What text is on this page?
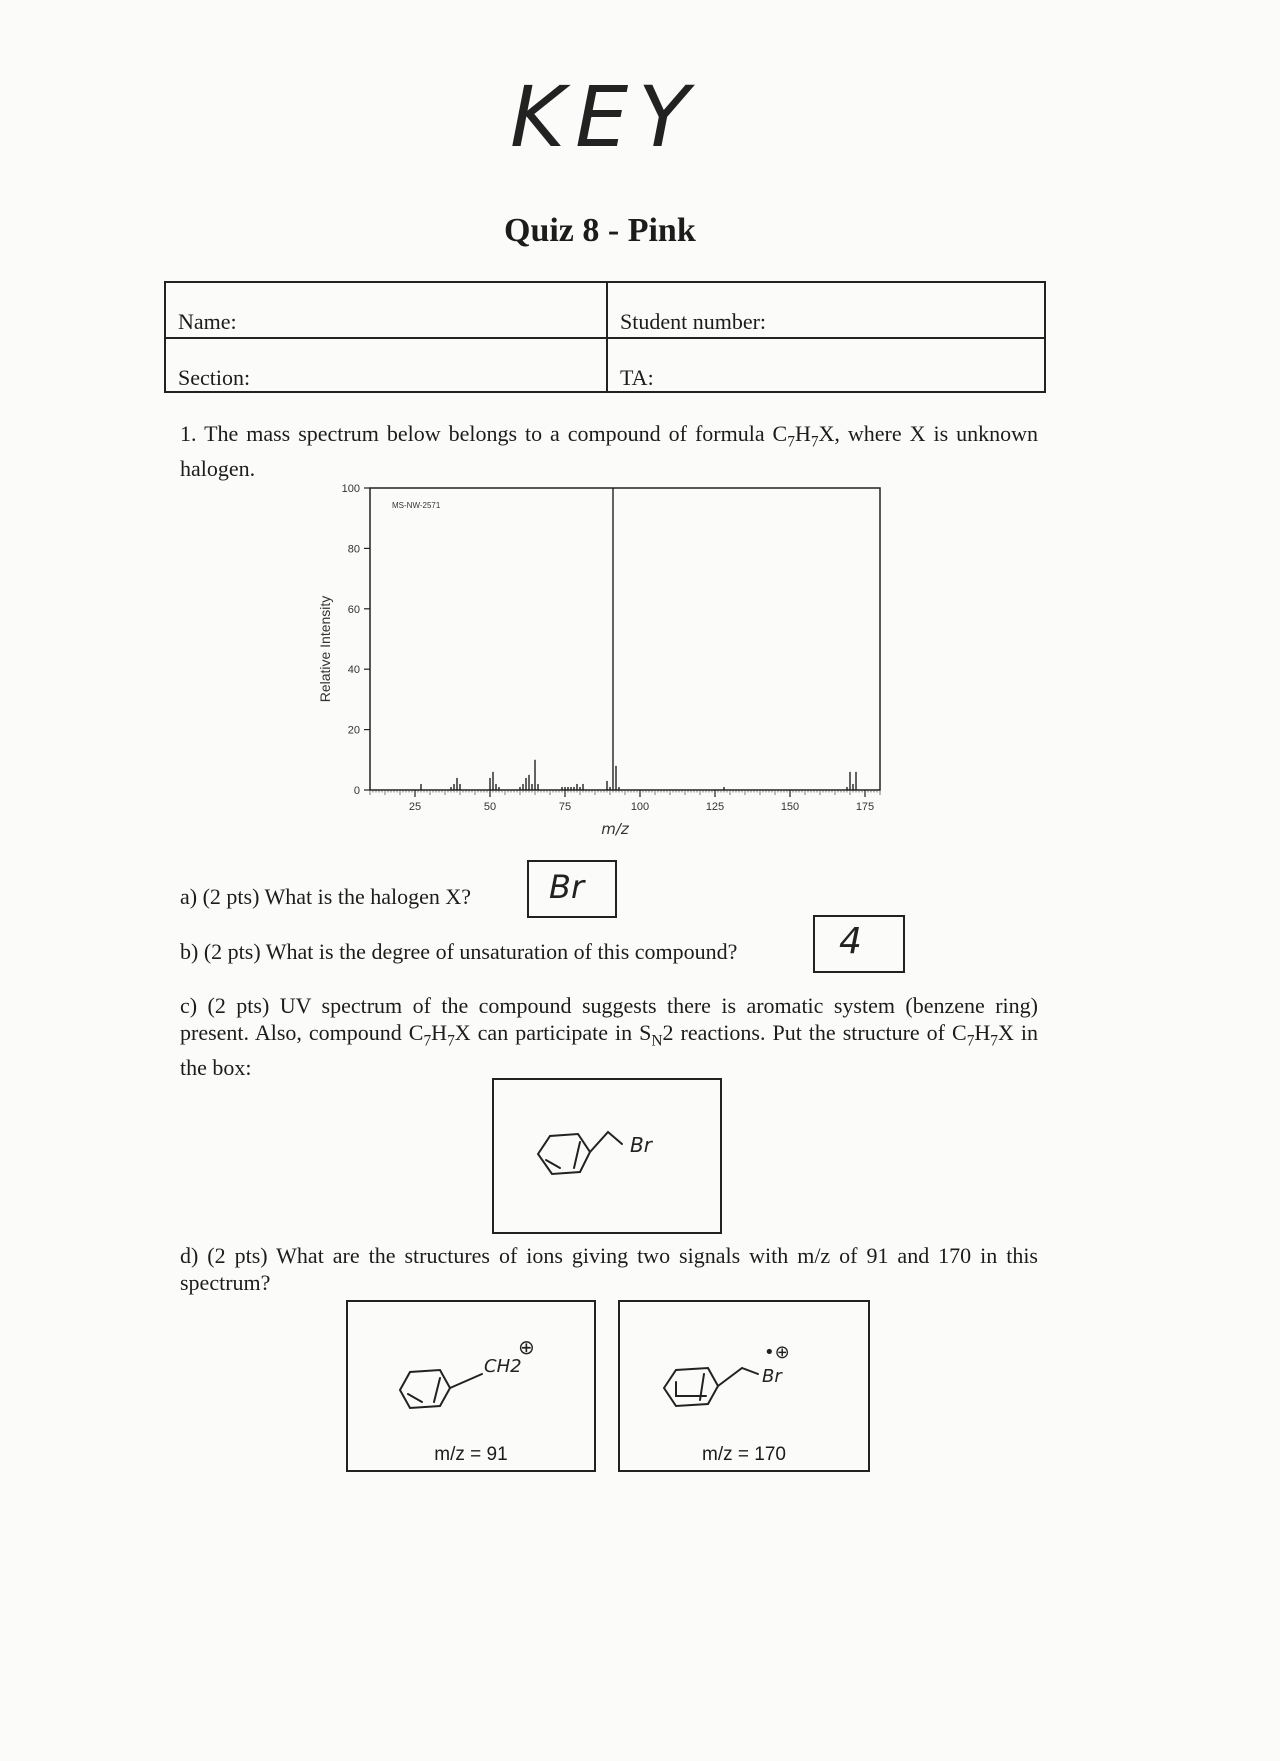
KEY
Quiz 8 - Pink
Name:	Student number:
Section:	TA:
1. The mass spectrum below belongs to a compound of formula $C_7H_7X$, where X is unknown halogen.
0
20
40
60
80
100
25	50	75	100	125	150	175
MS-NW-2571
m/z
Relative Intensity
a) (2 pts) What is the halogen X? Br
b) (2 pts) What is the degree of unsaturation of this compound?	4
c) (2 pts) UV spectrum of the compound suggests there is aromatic system (benzene ring) present. Also, compound $C_7H_7X$ can participate in $S_N2$ reactions. Put the structure of $C_7H_7X$ in the box:
Br
d) (2 pts) What are the structures of ions giving two signals with m/z of 91 and 170 in this spectrum?
CH2
⊕
m/z = 91
Br
•⊕
m/z = 170
